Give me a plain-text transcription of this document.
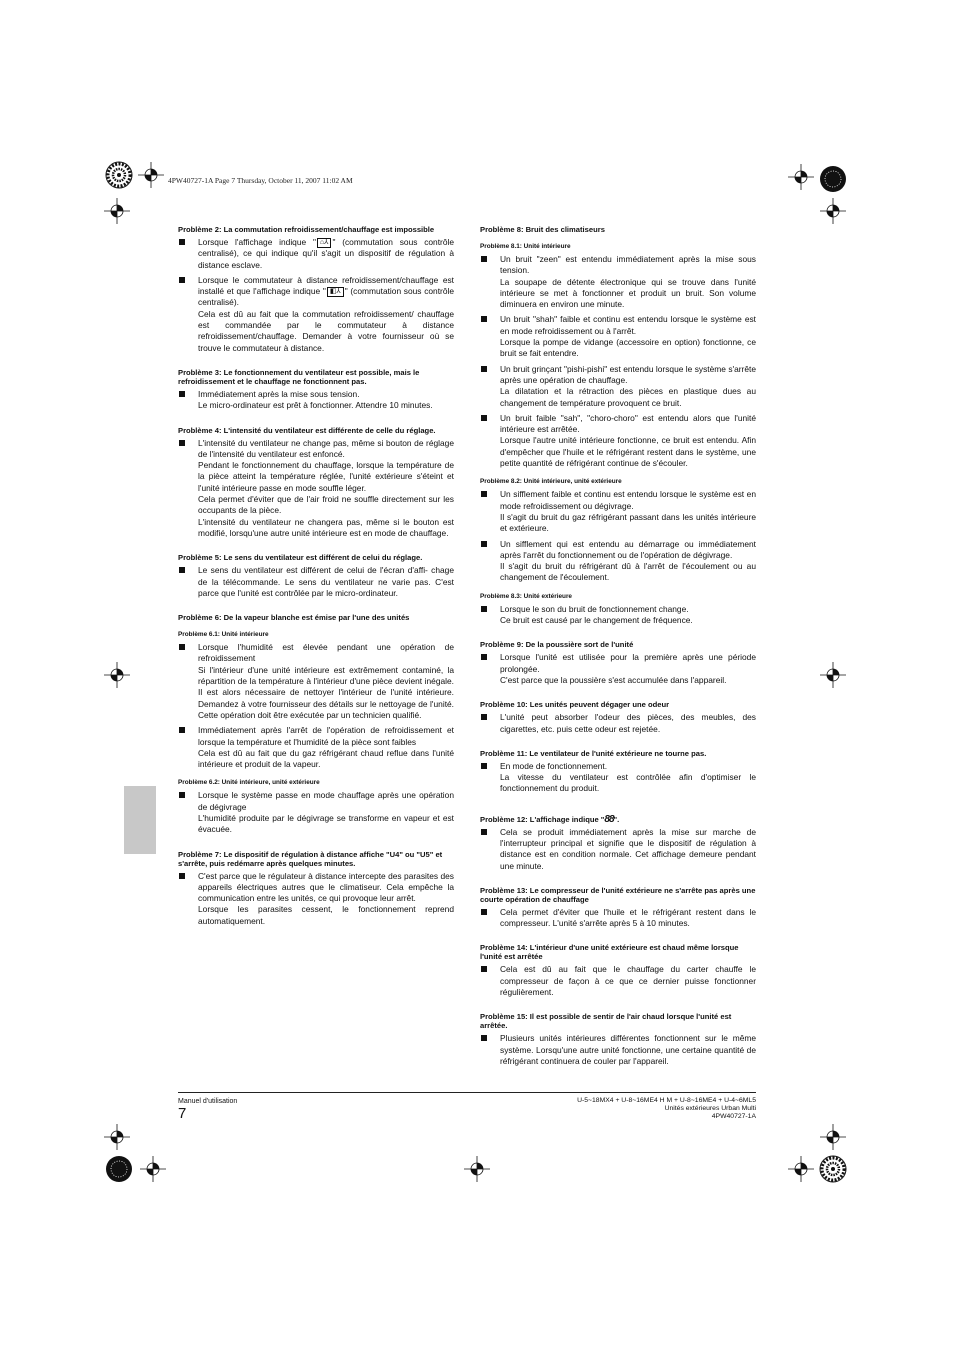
4PW40727-1A Page 7 Thursday, October 11, 2007 11:02 AM
Problème 2: La commutation refroidissement/chauffage est impossible

Lorsque l'affichage indique " ⌂⅄ " (commutation sous contrôle centralisé), ce qui indique qu'il s'agit un dispositif de régulation à distance esclave.

Lorsque le commutateur à distance refroidissement/chauffage est installé et que l'affichage indique " ◧⅄ " (commutation sous contrôle centralisé).

Cela est dû au fait que la commutation refroidissement/ chauffage est commandée par le commutateur à distance refroidissement/chauffage. Demander à votre fournisseur où se trouve le commutateur à distance.

Problème 3: Le fonctionnement du ventilateur est possible, mais le refroidissement et le chauffage ne fonctionnent pas.

Immédiatement après la mise sous tension.

Le micro-ordinateur est prêt à fonctionner. Attendre 10 minutes.

Problème 4: L'intensité du ventilateur est différente de celle du réglage.

L'intensité du ventilateur ne change pas, même si bouton de réglage de l'intensité du ventilateur est enfoncé.

Pendant le fonctionnement du chauffage, lorsque la température de la pièce atteint la température réglée, l'unité extérieure s'éteint et l'unité intérieure passe en mode souffle léger.

Cela permet d'éviter que de l'air froid ne souffle directement sur les occupants de la pièce.

L'intensité du ventilateur ne changera pas, même si le bouton est modifié, lorsqu'une autre unité intérieure est en mode de chauffage.

Problème 5: Le sens du ventilateur est différent de celui du réglage.

Le sens du ventilateur est différent de celui de l'écran d'affi- chage de la télécommande. Le sens du ventilateur ne varie pas. C'est parce que l'unité est contrôlée par le micro-ordinateur.

Problème 6: De la vapeur blanche est émise par l'une des unités
Problème 6.1: Unité intérieure

Lorsque l'humidité est élevée pendant une opération de refroidissement

Si l'intérieur d'une unité intérieure est extrêmement contaminé, la répartition de la température à l'intérieur d'une pièce devient inégale. Il est alors nécessaire de nettoyer l'intérieur de l'unité intérieure. Demandez à votre fournisseur des détails sur le nettoyage de l'unité. Cette opération doit être exécutée par un technicien qualifié.

Immédiatement après l'arrêt de l'opération de refroidissement et lorsque la température et l'humidité de la pièce sont faibles

Cela est dû au fait que du gaz réfrigérant chaud reflue dans l'unité intérieure et produit de la vapeur.

Problème 6.2: Unité intérieure, unité extérieure

Lorsque le système passe en mode chauffage après une opération de dégivrage

L'humidité produite par le dégivrage se transforme en vapeur et est évacuée.

Problème 7: Le dispositif de régulation à distance affiche "U4" ou "U5" et s'arrête, puis redémarre après quelques minutes.

C'est parce que le régulateur à distance intercepte des parasites des appareils électriques autres que le climatiseur. Cela empêche la communication entre les unités, ce qui provoque leur arrêt.

Lorsque les parasites cessent, le fonctionnement reprend automatiquement.

Problème 8: Bruit des climatiseurs
Problème 8.1: Unité intérieure

Un bruit "zeen" est entendu immédiatement après la mise sous tension.

La soupape de détente électronique qui se trouve dans l'unité intérieure se met à fonctionner et produit un bruit. Son volume diminuera en environ une minute.

Un bruit "shah" faible et continu est entendu lorsque le système est en mode refroidissement ou à l'arrêt.

Lorsque la pompe de vidange (accessoire en option) fonctionne, ce bruit se fait entendre.

Un bruit grinçant "pishi-pishi" est entendu lorsque le système s'arrête après une opération de chauffage.

La dilatation et la rétraction des pièces en plastique dues au changement de température provoquent ce bruit.

Un bruit faible "sah", "choro-choro" est entendu alors que l'unité intérieure est arrêtée.

Lorsque l'autre unité intérieure fonctionne, ce bruit est entendu. Afin d'empêcher que l'huile et le réfrigérant restent dans le système, une petite quantité de réfrigérant continue de s'écouler.

Problème 8.2: Unité intérieure, unité extérieure

Un sifflement faible et continu est entendu lorsque le système est en mode refroidissement ou dégivrage.

Il s'agit du bruit du gaz réfrigérant passant dans les unités intérieure et extérieure.

Un sifflement qui est entendu au démarrage ou immédiatement après l'arrêt du fonctionnement ou de l'opération de dégivrage.

Il s'agit du bruit du réfrigérant dû à l'arrêt de l'écoulement ou au changement de l'écoulement.

Problème 8.3: Unité extérieure

Lorsque le son du bruit de fonctionnement change.

Ce bruit est causé par le changement de fréquence.

Problème 9: De la poussière sort de l'unité

Lorsque l'unité est utilisée pour la première après une période prolongée.

C'est parce que la poussière s'est accumulée dans l'appareil.

Problème 10: Les unités peuvent dégager une odeur

L'unité peut absorber l'odeur des pièces, des meubles, des cigarettes, etc. puis cette odeur est rejetée.

Problème 11: Le ventilateur de l'unité extérieure ne tourne pas.

En mode de fonctionnement.

La vitesse du ventilateur est contrôlée afin d'optimiser le fonctionnement du produit.

Problème 12: L'affichage indique "88".

Cela se produit immédiatement après la mise sur marche de l'interrupteur principal et signifie que le dispositif de régulation à distance est en condition normale. Cet affichage demeure pendant une minute.

Problème 13: Le compresseur de l'unité extérieure ne s'arrête pas après une courte opération de chauffage

Cela permet d'éviter que l'huile et le réfrigérant restent dans le compresseur. L'unité s'arrête après 5 à 10 minutes.

Problème 14: L'intérieur d'une unité extérieure est chaud même lorsque l'unité est arrêtée

Cela est dû au fait que le chauffage du carter chauffe le compresseur de façon à ce que ce dernier puisse fonctionner régulièrement.

Problème 15: Il est possible de sentir de l'air chaud lorsque l'unité est arrêtée.

Plusieurs unités intérieures différentes fonctionnent sur le même système. Lorsqu'une autre unité fonctionne, une certaine quantité de réfrigérant continuera de couler par l'appareil.

Manuel d'utilisation
7
U-5~18MX4 + U-8~16ME4 H M + U-8~16ME4 + U-4~6ML5
Unités extérieures Urban Multi
4PW40727-1A
